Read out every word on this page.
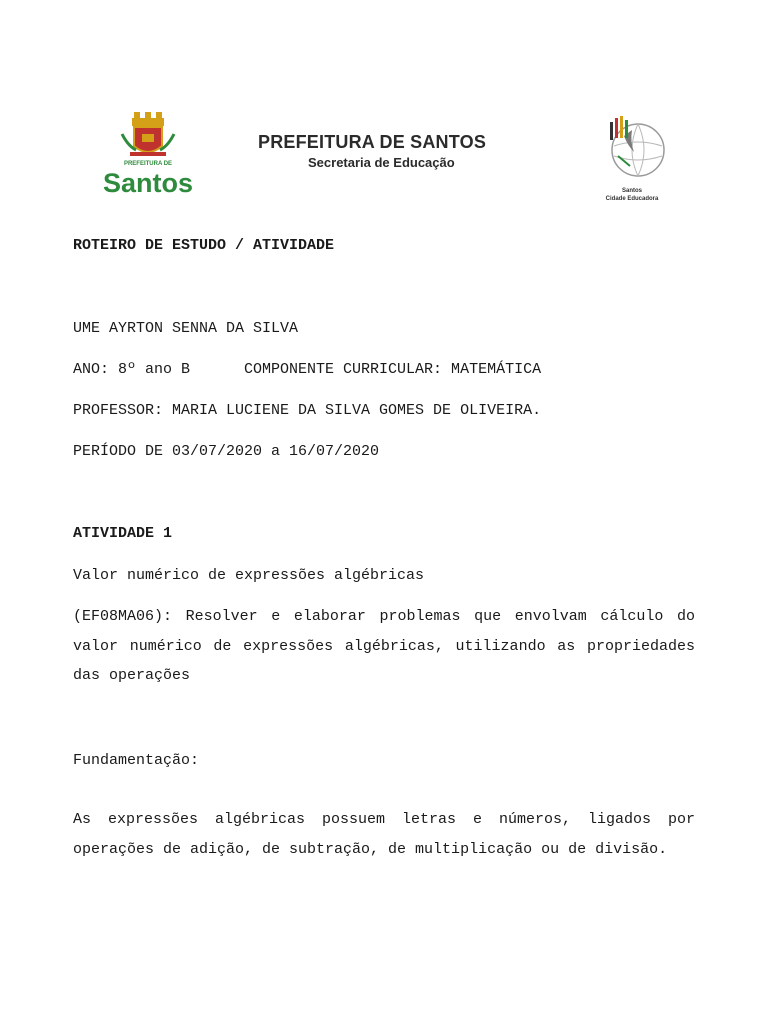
PREFEITURA DE
Santos
PREFEITURA DE SANTOS
Secretaria de Educação
Santos
Cidade Educadora
ROTEIRO DE ESTUDO / ATIVIDADE
UME AYRTON SENNA DA SILVA
ANO: 8º ano B      COMPONENTE CURRICULAR: MATEMÁTICA
PROFESSOR: MARIA LUCIENE DA SILVA GOMES DE OLIVEIRA.
PERÍODO DE 03/07/2020 a 16/07/2020
ATIVIDADE 1
Valor numérico de expressões algébricas
(EF08MA06): Resolver e elaborar problemas que envolvam cálculo do valor numérico de expressões algébricas, utilizando as propriedades das operações
Fundamentação:
As expressões algébricas possuem letras e números, ligados por operações de adição, de subtração, de multiplicação ou de divisão.
